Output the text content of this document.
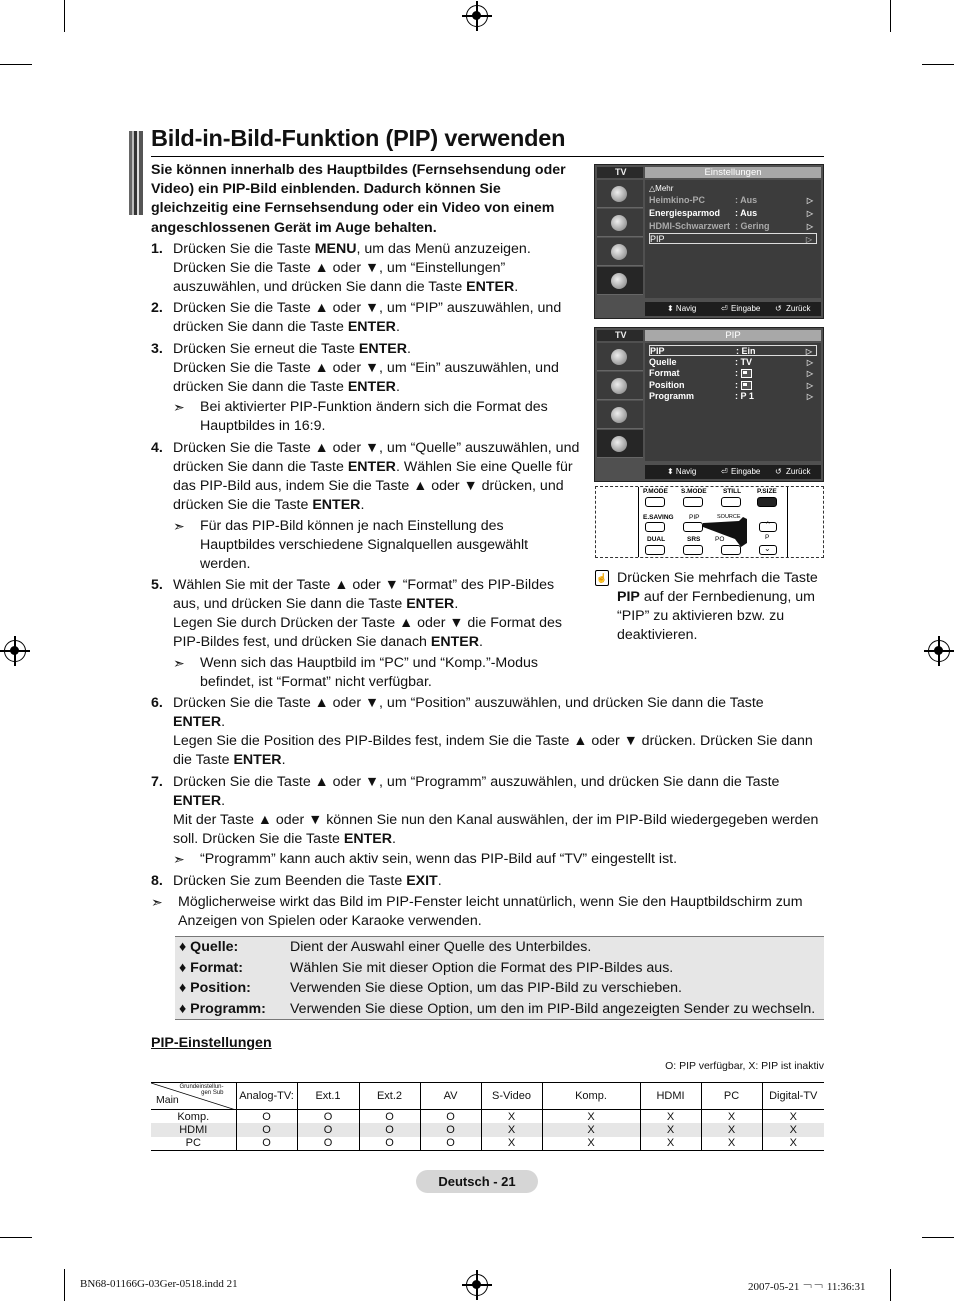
Bild-in-Bild-Funktion (PIP) verwenden
Sie können innerhalb des Hauptbildes (Fernsehsendung oder Video) ein PIP-Bild einblenden. Dadurch können Sie gleichzeitig eine Fernsehsendung oder ein Video von einem angeschlossenen Gerät im Auge behalten.
1. Drücken Sie die Taste MENU, um das Menü anzuzeigen.
Drücken Sie die Taste ▲ oder ▼, um “Einstellungen”
auszuwählen, und drücken Sie dann die Taste ENTER.
2. Drücken Sie die Taste ▲ oder ▼, um “PIP” auszuwählen, und
drücken Sie dann die Taste ENTER.
3. Drücken Sie erneut die Taste ENTER.
Drücken Sie die Taste ▲ oder ▼, um “Ein” auszuwählen, und
drücken Sie dann die Taste ENTER.
➣	Bei aktivierter PIP-Funktion ändern sich die Format des
Hauptbildes in 16:9.
4. Drücken Sie die Taste ▲ oder ▼, um “Quelle” auszuwählen, und
drücken Sie dann die Taste ENTER. Wählen Sie eine Quelle für
das PIP-Bild aus, indem Sie die Taste ▲ oder ▼ drücken, und
drücken Sie die Taste ENTER.
➣	Für das PIP-Bild können je nach Einstellung des
Hauptbildes verschiedene Signalquellen ausgewählt
werden.
5. Wählen Sie mit der Taste ▲ oder ▼ “Format” des PIP-Bildes
aus, und drücken Sie dann die Taste ENTER.
Legen Sie durch Drücken der Taste ▲ oder ▼ die Format des
PIP-Bildes fest, und drücken Sie danach ENTER.
➣	Wenn sich das Hauptbild im “PC” und “Komp.”-Modus
befindet, ist “Format” nicht verfügbar.
6. Drücken Sie die Taste ▲ oder ▼, um “Position” auszuwählen, und drücken Sie dann die Taste
ENTER.
Legen Sie die Position des PIP-Bildes fest, indem Sie die Taste ▲ oder ▼ drücken. Drücken Sie dann
die Taste ENTER.
7. Drücken Sie die Taste ▲ oder ▼, um “Programm” auszuwählen, und drücken Sie dann die Taste
ENTER.
Mit der Taste ▲ oder ▼ können Sie nun den Kanal auswählen, der im PIP-Bild wiedergegeben werden
soll. Drücken Sie die Taste ENTER.
➣	“Programm” kann auch aktiv sein, wenn das PIP-Bild auf “TV” eingestellt ist.
8. Drücken Sie zum Beenden die Taste EXIT.
➣	Möglicherweise wirkt das Bild im PIP-Fenster leicht unnatürlich, wenn Sie den Hauptbildschirm zum
Anzeigen von Spielen oder Karaoke verwenden.
TV	Einstellungen
△Mehr
Heimkino-PC	: Aus	▷
Energiesparmod : Aus	▷
HDMI-Schwarzwert : Gering	▷
PIP	▷
⬍ Navig	⏎ Eingabe ↺ Zurück
TV	PIP
PIP	: Ein	▷
Quelle	: TV	▷
Format	:	▷
Position	:	▷
Programm	: P 1	▷
⬍ Navig	⏎ Eingabe ↺ Zurück
P.MODE S.MODE	STILL P.SIZE
E.SAVING PIP	SOURCE
⌃
DUAL	SRS PO	P
⌄
☝ Drücken Sie mehrfach die Taste
PIP auf der Fernbedienung, um
“PIP” zu aktivieren bzw. zu
deaktivieren.
♦ Quelle:	Dient der Auswahl einer Quelle des Unterbildes.
♦ Format:	Wählen Sie mit dieser Option die Format des PIP-Bildes aus.
♦ Position:	Verwenden Sie diese Option, um das PIP-Bild zu verschieben.
♦ Programm: Verwenden Sie diese Option, um den im PIP-Bild angezeigten Sender zu wechseln.
PIP-Einstellungen
O: PIP verfügbar, X: PIP ist inaktiv
Main
Grundeinstellun-
gen Sub	Analog-TV:	Ext.1	Ext.2	AV	S-Video	Komp.	HDMI	PC	Digital-TV
Komp.	O	O	O	O	X	X	X	X	X
HDMI	O	O	O	O	X	X	X	X	X
PC	O	O	O	O	X	X	X	X	X
Deutsch - 21
BN68-01166G-03Ger-0518.indd 21	2007-05-21 ￢￢ 11:36:31
